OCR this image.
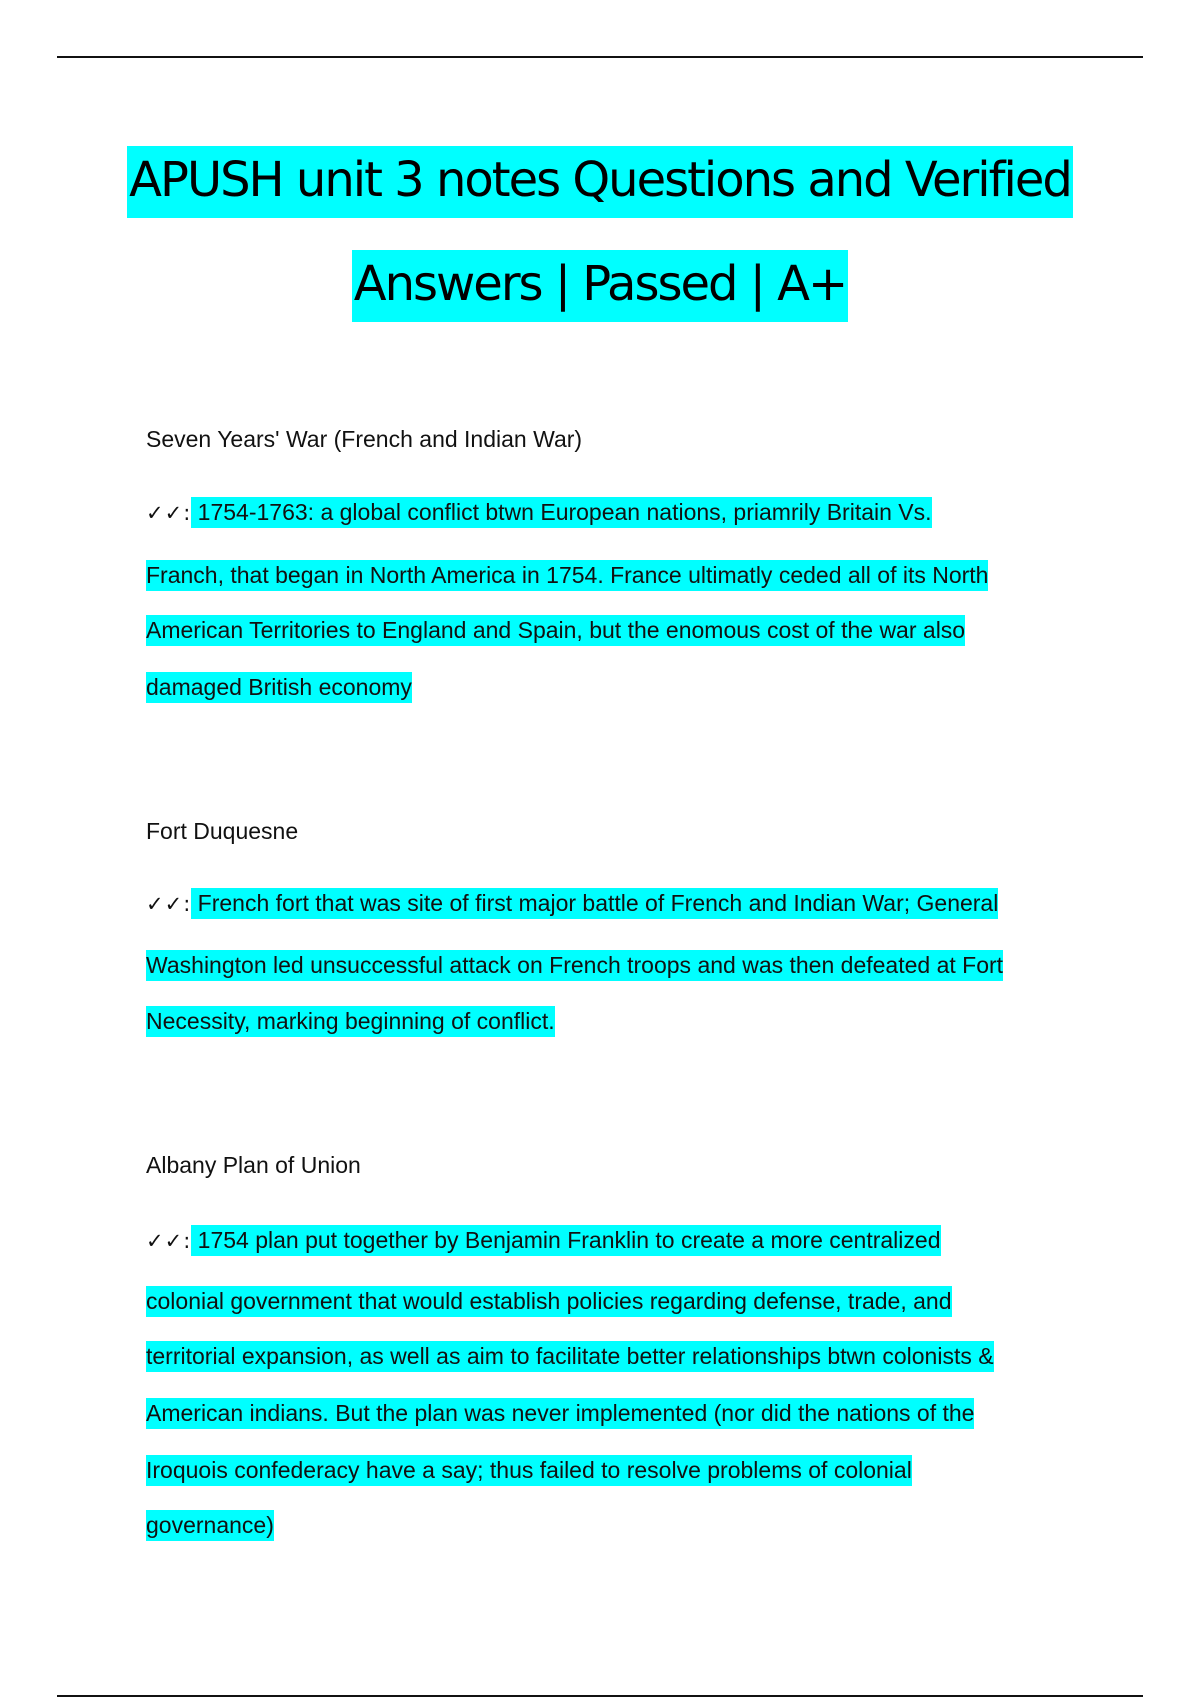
APUSH unit 3 notes Questions and Verified
Answers | Passed | A+
Seven Years' War (French and Indian War)
✓✓: 1754-1763: a global conflict btwn European nations, priamrily Britain Vs.
Franch, that began in North America in 1754. France ultimatly ceded all of its North
American Territories to England and Spain, but the enomous cost of the war also
damaged British economy
Fort Duquesne
✓✓: French fort that was site of first major battle of French and Indian War; General
Washington led unsuccessful attack on French troops and was then defeated at Fort
Necessity, marking beginning of conflict.
Albany Plan of Union
✓✓: 1754 plan put together by Benjamin Franklin to create a more centralized
colonial government that would establish policies regarding defense, trade, and
territorial expansion, as well as aim to facilitate better relationships btwn colonists &
American indians. But the plan was never implemented (nor did the nations of the
Iroquois confederacy have a say; thus failed to resolve problems of colonial
governance)
